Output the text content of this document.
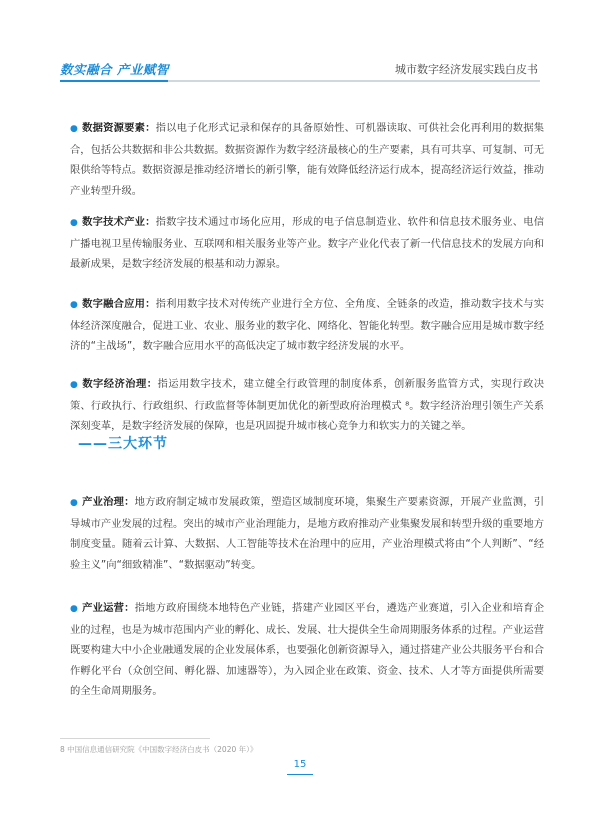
数实融合 产业赋智	城市数字经济发展实践白皮书

● 数据资源要素：指以电子化形式记录和保存的具备原始性、可机器读取、可供社会化再利用的数据集合，包括公共数据和非公共数据。数据资源作为数字经济最核心的生产要素，具有可共享、可复制、可无限供给等特点。数据资源是推动经济增长的新引擎，能有效降低经济运行成本，提高经济运行效益，推动产业转型升级。

● 数字技术产业：指数字技术通过市场化应用，形成的电子信息制造业、软件和信息技术服务业、电信广播电视卫星传输服务业、互联网和相关服务业等产业。数字产业化代表了新一代信息技术的发展方向和最新成果，是数字经济发展的根基和动力源泉。

● 数字融合应用：指利用数字技术对传统产业进行全方位、全角度、全链条的改造，推动数字技术与实体经济深度融合，促进工业、农业、服务业的数字化、网络化、智能化转型。数字融合应用是城市数字经济的“主战场”，数字融合应用水平的高低决定了城市数字经济发展的水平。

● 数字经济治理：指运用数字技术，建立健全行政管理的制度体系，创新服务监管方式，实现行政决策、行政执行、行政组织、行政监督等体制更加优化的新型政府治理模式 ⁸。数字经济治理引领生产关系深刻变革，是数字经济发展的保障，也是巩固提升城市核心竞争力和软实力的关键之举。

——三大环节

● 产业治理：地方政府制定城市发展政策，塑造区域制度环境，集聚生产要素资源，开展产业监测，引导城市产业发展的过程。突出的城市产业治理能力，是地方政府推动产业集聚发展和转型升级的重要地方制度变量。随着云计算、大数据、人工智能等技术在治理中的应用，产业治理模式将由“个人判断”、“经验主义”向“细致精准”、“数据驱动”转变。

● 产业运营：指地方政府围绕本地特色产业链，搭建产业园区平台，遴选产业赛道，引入企业和培育企业的过程，也是为城市范围内产业的孵化、成长、发展、壮大提供全生命周期服务体系的过程。产业运营既要构建大中小企业融通发展的企业发展体系，也要强化创新资源导入，通过搭建产业公共服务平台和合作孵化平台（众创空间、孵化器、加速器等），为入园企业在政策、资金、技术、人才等方面提供所需要的全生命周期服务。

8 中国信息通信研究院《中国数字经济白皮书（2020 年）》
15
